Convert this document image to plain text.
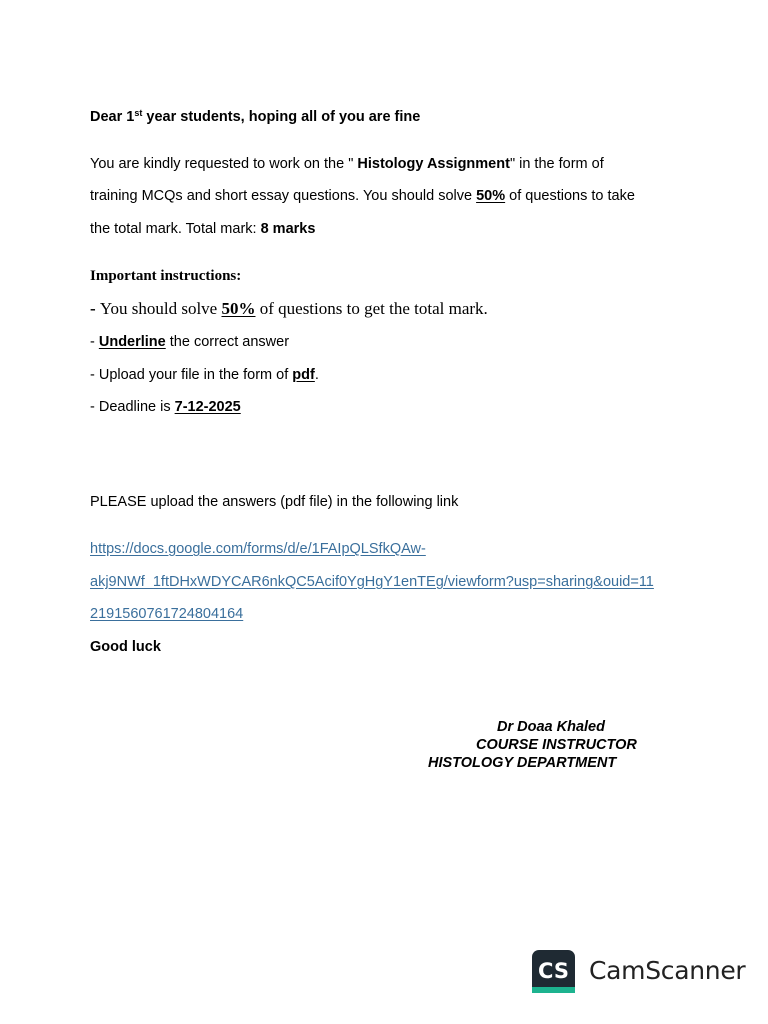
Dear 1st year students, hoping all of you are fine
You are kindly requested to work on the " Histology Assignment" in the form of
training MCQs and short essay questions. You should solve 50% of questions to take
the total mark. Total mark: 8 marks
Important instructions:
- You should solve 50% of questions to get the total mark.
- Underline the correct answer
- Upload your file in the form of pdf.
- Deadline is 7-12-2025
PLEASE upload the answers (pdf file) in the following link
https://docs.google.com/forms/d/e/1FAIpQLSfkQAw-
akj9NWf_1ftDHxWDYCAR6nkQC5Acif0YgHgY1enTEg/viewform?usp=sharing&ouid=11
2191560761724804164
Good luck
Dr Doaa Khaled
COURSE INSTRUCTOR
HISTOLOGY DEPARTMENT
CS CamScanner
